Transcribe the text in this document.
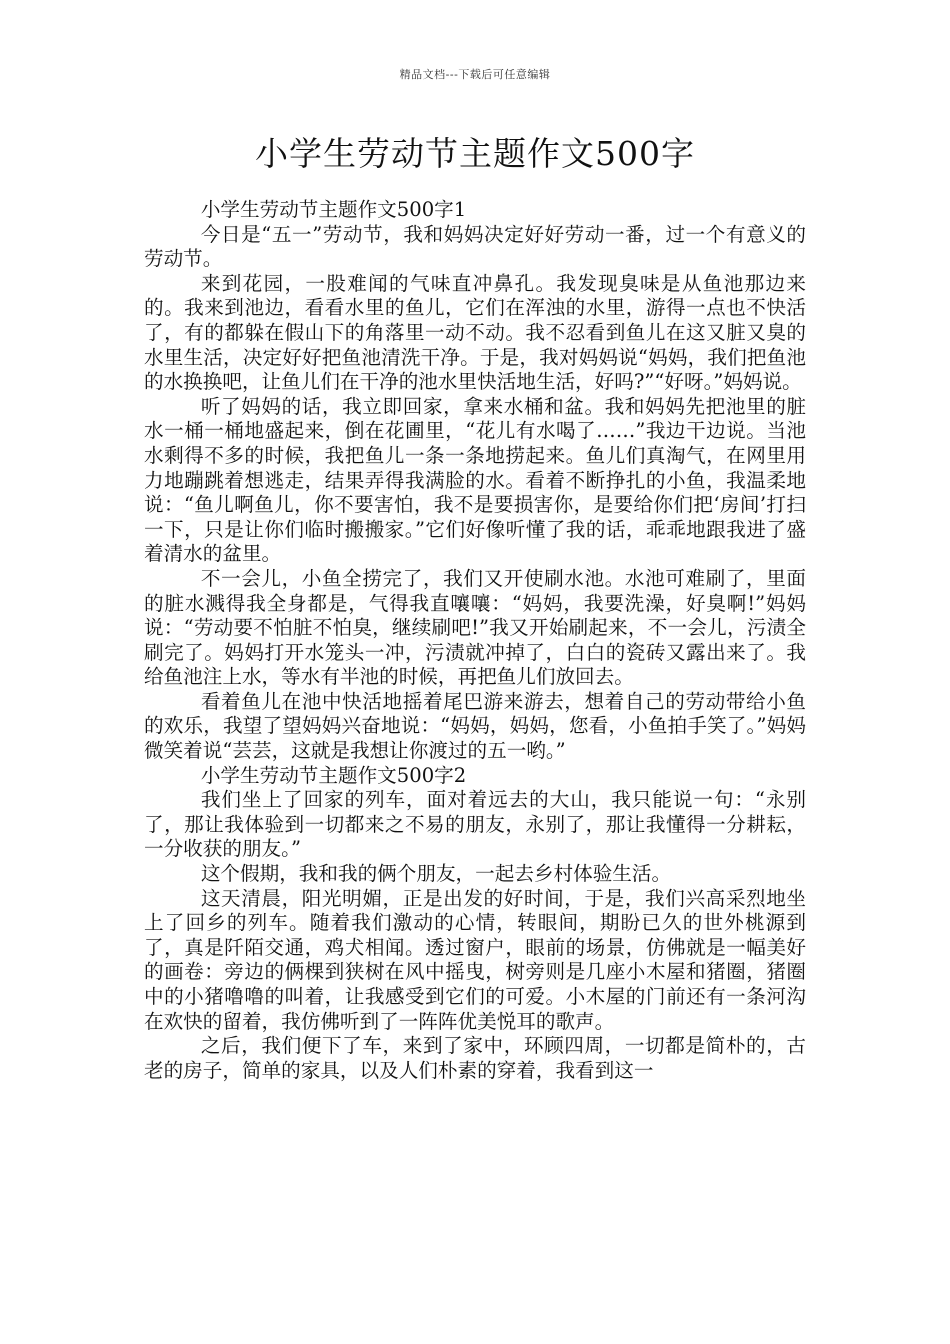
精品文档---下载后可任意编辑
小学生劳动节主题作文500字

小学生劳动节主题作文500字1

今日是“五一”劳动节，我和妈妈决定好好劳动一番，过一个有意义的劳动节。

来到花园，一股难闻的气味直冲鼻孔。我发现臭味是从鱼池那边来的。我来到池边，看看水里的鱼儿，它们在浑浊的水里，游得一点也不快活了，有的都躲在假山下的角落里一动不动。我不忍看到鱼儿在这又脏又臭的水里生活，决定好好把鱼池清洗干净。于是，我对妈妈说“妈妈，我们把鱼池的水换换吧，让鱼儿们在干净的池水里快活地生活，好吗?”“好呀。”妈妈说。

听了妈妈的话，我立即回家，拿来水桶和盆。我和妈妈先把池里的脏水一桶一桶地盛起来，倒在花圃里，“花儿有水喝了……”我边干边说。当池水剩得不多的时候，我把鱼儿一条一条地捞起来。鱼儿们真淘气，在网里用力地蹦跳着想逃走，结果弄得我满脸的水。看着不断挣扎的小鱼，我温柔地说：“鱼儿啊鱼儿，你不要害怕，我不是要损害你，是要给你们把‘房间’打扫一下，只是让你们临时搬搬家。”它们好像听懂了我的话，乖乖地跟我进了盛着清水的盆里。

不一会儿，小鱼全捞完了，我们又开使刷水池。水池可难刷了，里面的脏水溅得我全身都是，气得我直嚷嚷：“妈妈，我要洗澡，好臭啊!”妈妈说：“劳动要不怕脏不怕臭，继续刷吧!”我又开始刷起来，不一会儿，污渍全刷完了。妈妈打开水笼头一冲，污渍就冲掉了，白白的瓷砖又露出来了。我给鱼池注上水，等水有半池的时候，再把鱼儿们放回去。

看着鱼儿在池中快活地摇着尾巴游来游去，想着自己的劳动带给小鱼的欢乐，我望了望妈妈兴奋地说：“妈妈，妈妈，您看，小鱼拍手笑了。”妈妈微笑着说“芸芸，这就是我想让你渡过的五一哟。”

小学生劳动节主题作文500字2

我们坐上了回家的列车，面对着远去的大山，我只能说一句：“永别了，那让我体验到一切都来之不易的朋友，永别了，那让我懂得一分耕耘，一分收获的朋友。”

这个假期，我和我的俩个朋友，一起去乡村体验生活。

这天清晨，阳光明媚，正是出发的好时间，于是，我们兴高采烈地坐上了回乡的列车。随着我们激动的心情，转眼间，期盼已久的世外桃源到了，真是阡陌交通，鸡犬相闻。透过窗户，眼前的场景，仿佛就是一幅美好的画卷：旁边的俩棵到狭树在风中摇曳，树旁则是几座小木屋和猪圈，猪圈中的小猪噜噜的叫着，让我感受到它们的可爱。小木屋的门前还有一条河沟在欢快的留着，我仿佛听到了一阵阵优美悦耳的歌声。

之后，我们便下了车，来到了家中，环顾四周，一切都是简朴的，古老的房子，简单的家具，以及人们朴素的穿着，我看到这一
